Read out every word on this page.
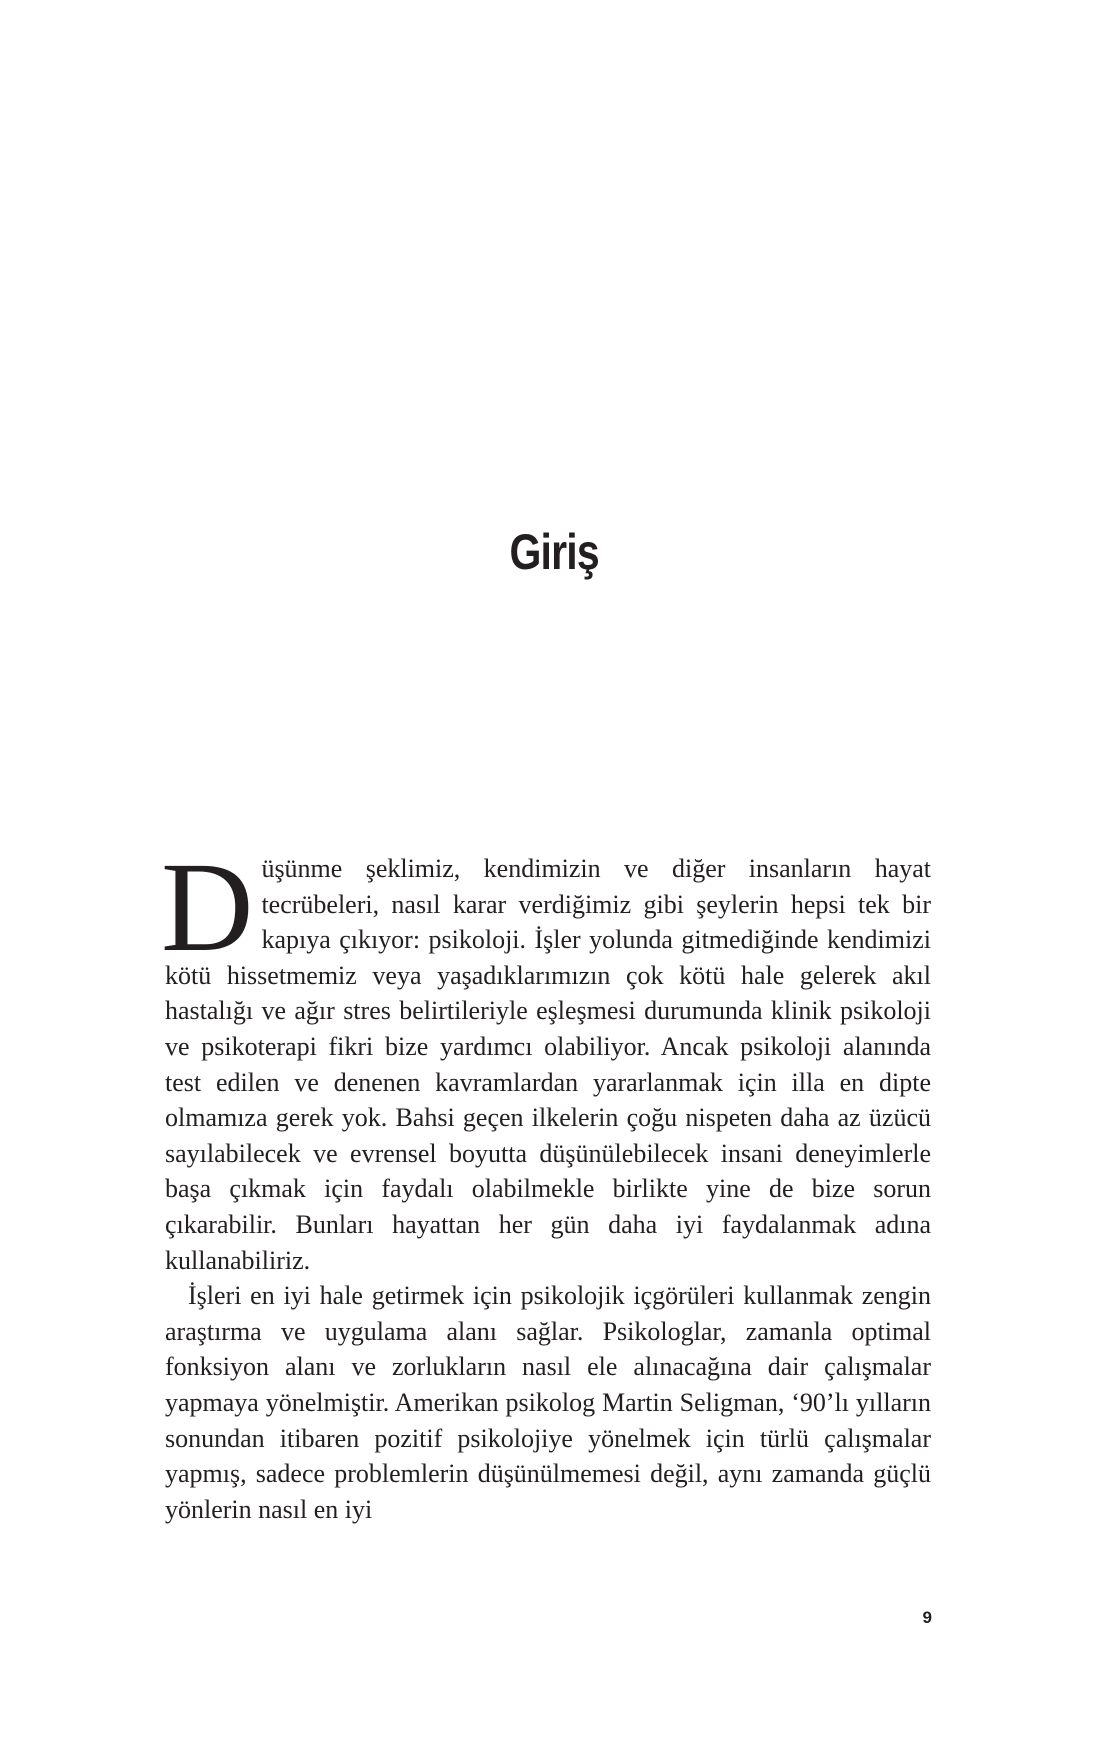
Giriş

Düşünme şeklimiz, kendimizin ve diğer insanların hayat tecrübeleri, nasıl karar verdiğimiz gibi şeylerin hepsi tek bir kapıya çıkıyor: psikoloji. İşler yolunda gitmediğinde kendimizi kötü hissetmemiz veya yaşadıklarımızın çok kötü hale gelerek akıl hastalığı ve ağır stres belirtileriyle eşleşmesi durumunda klinik psikoloji ve psikoterapi fikri bize yardımcı olabiliyor. Ancak psikoloji alanında test edilen ve denenen kavramlardan yararlanmak için illa en dipte olmamıza gerek yok. Bahsi geçen ilkelerin çoğu nispeten daha az üzücü sayılabilecek ve evrensel boyutta düşünülebilecek insani deneyimlerle başa çıkmak için faydalı olabilmekle birlikte yine de bize sorun çıkarabilir. Bunları hayattan her gün daha iyi faydalanmak adına kullanabiliriz.

İşleri en iyi hale getirmek için psikolojik içgörüleri kullanmak zengin araştırma ve uygulama alanı sağlar. Psikologlar, zamanla optimal fonksiyon alanı ve zorlukların nasıl ele alınacağına dair çalışmalar yapmaya yönelmiştir. Amerikan psikolog Martin Seligman, ‘90’lı yılların sonundan itibaren pozitif psikolojiye yönelmek için türlü çalışmalar yapmış, sadece problemlerin düşünülmemesi değil, aynı zamanda güçlü yönlerin nasıl en iyi

9
